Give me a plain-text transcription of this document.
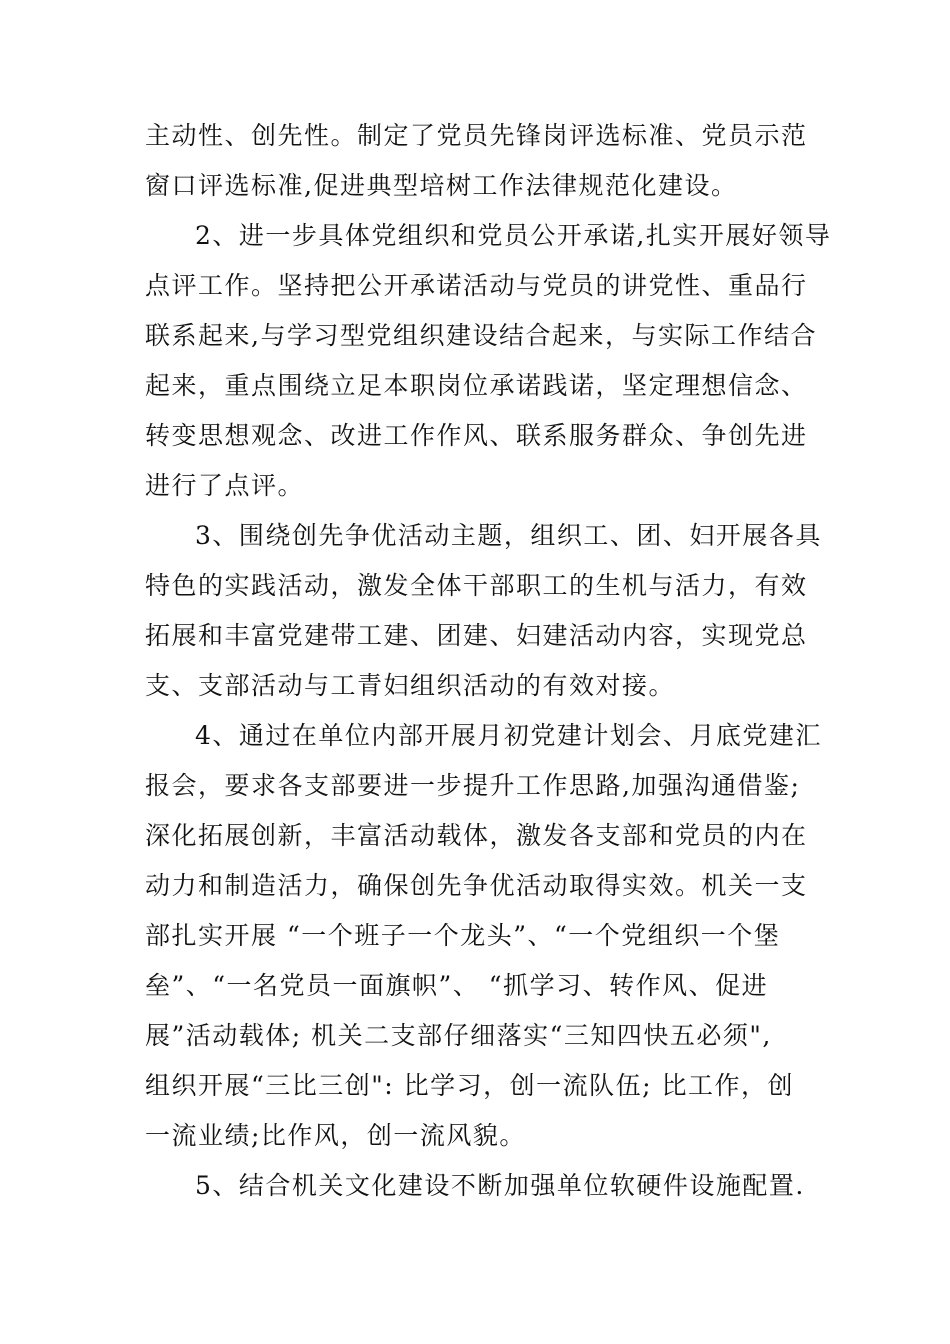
主动性、创先性。制定了党员先锋岗评选标准、党员示范
窗口评选标准,促进典型培树工作法律规范化建设。
2、进一步具体党组织和党员公开承诺,扎实开展好领导
点评工作。坚持把公开承诺活动与党员的讲党性、重品行
联系起来,与学习型党组织建设结合起来，与实际工作结合
起来，重点围绕立足本职岗位承诺践诺，坚定理想信念、
转变思想观念、改进工作作风、联系服务群众、争创先进
进行了点评。
3、围绕创先争优活动主题，组织工、团、妇开展各具
特色的实践活动，激发全体干部职工的生机与活力，有效
拓展和丰富党建带工建、团建、妇建活动内容，实现党总
支、支部活动与工青妇组织活动的有效对接。
4、通过在单位内部开展月初党建计划会、月底党建汇
报会，要求各支部要进一步提升工作思路,加强沟通借鉴;
深化拓展创新，丰富活动载体，激发各支部和党员的内在
动力和制造活力，确保创先争优活动取得实效。机关一支
部扎实开展 “一个班子一个龙头”、“一个党组织一个堡
垒”、“一名党员一面旗帜”、 “抓学习、转作风、促进
展”活动载体; 机关二支部仔细落实“三知四快五必须",
组织开展“三比三创": 比学习，创一流队伍; 比工作，创
一流业绩;比作风，创一流风貌。
5、结合机关文化建设不断加强单位软硬件设施配置.
